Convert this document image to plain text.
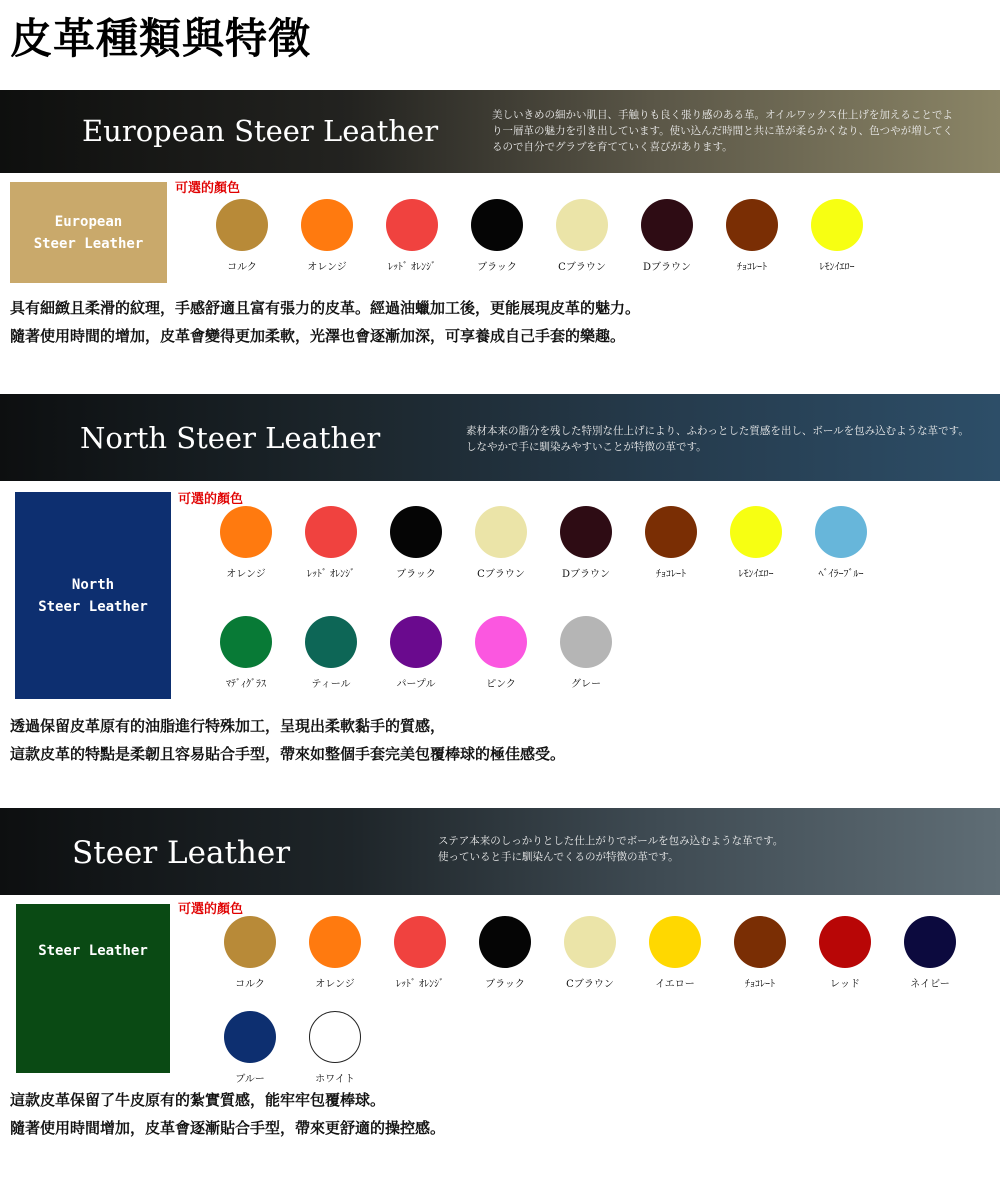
皮革種類與特徵
European Steer Leather	美しいきめの細かい肌目、手触りも良く張り感のある革。オイルワックス仕上げを加えることでより一層革の魅力を引き出しています。使い込んだ時間と共に革が柔らかくなり、色つやが増してくるので自分でグラブを育てていく喜びがあります。
European
Steer Leather
可選的顏色
コルク	オレンジ	ﾚｯﾄﾞ ｵﾚﾝｼﾞ	ブラック	Cブラウン	Dブラウン	ﾁｮｺﾚｰﾄ	ﾚﾓﾝｲｴﾛｰ

具有細緻且柔滑的紋理，手感舒適且富有張力的皮革。經過油蠟加工後，更能展現皮革的魅力。

隨著使用時間的增加，皮革會變得更加柔軟，光澤也會逐漸加深，可享養成自己手套的樂趣。

North Steer Leather	素材本来の脂分を残した特別な仕上げにより、ふわっとした質感を出し、ボールを包み込むような革です。しなやかで手に馴染みやすいことが特徴の革です。
North
Steer Leather
可選的顏色
オレンジ	ﾚｯﾄﾞ ｵﾚﾝｼﾞ	ブラック	Cブラウン	Dブラウン	ﾁｮｺﾚｰﾄ	ﾚﾓﾝｲｴﾛｰ	ﾍﾞｲﾗｰﾌﾞﾙｰ
ﾏﾃﾞｨｸﾞﾗｽ	ティール	パープル	ピンク	グレー

透過保留皮革原有的油脂進行特殊加工，呈現出柔軟黏手的質感，

這款皮革的特點是柔韌且容易貼合手型，帶來如整個手套完美包覆棒球的極佳感受。

Steer Leather	ステア本来のしっかりとした仕上がりでボールを包み込むような革です。
使っていると手に馴染んでくるのが特徴の革です。
Steer Leather
可選的顏色
コルク	オレンジ	ﾚｯﾄﾞ ｵﾚﾝｼﾞ	ブラック	Cブラウン	イエロー	ﾁｮｺﾚｰﾄ	レッド	ネイビー
ブルー	ホワイト

這款皮革保留了牛皮原有的紮實質感，能牢牢包覆棒球。

隨著使用時間增加，皮革會逐漸貼合手型，帶來更舒適的操控感。
